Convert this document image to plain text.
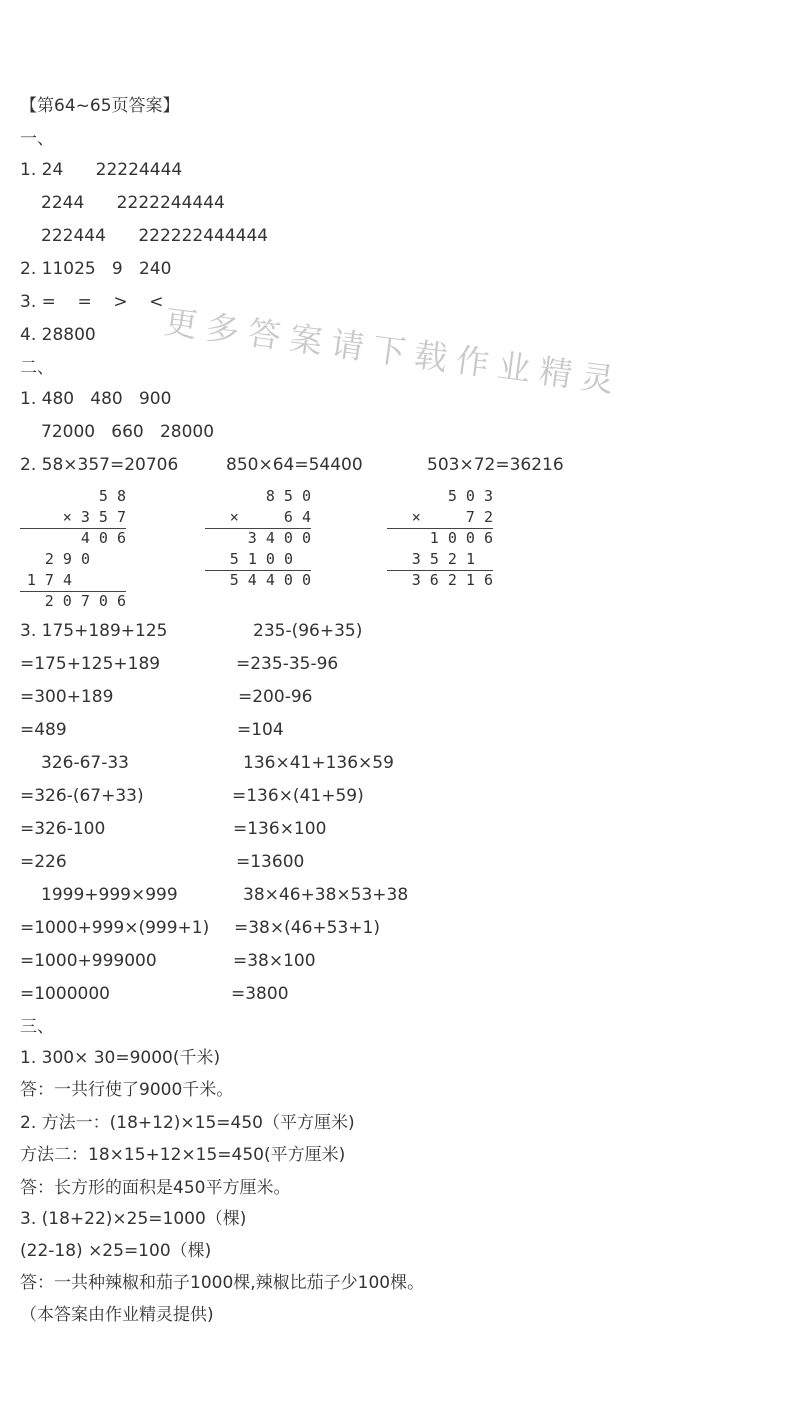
更多答案请下载作业精灵
【第64~65页答案】
一、
1. 24      22224444
2244      2222244444
222444      222222444444
2. 11025   9   240
3. =    =    >    <
4. 28800
二、
1. 480   480   900
72000   660   28000
2. 58×357=20706	850×64=54400	503×72=36216
5 8
× 3 5 7
4 0 6
2 9 0
1 7 4
2 0 7 0 6
8 5 0
×     6 4
3 4 0 0
5 1 0 0
5 4 4 0 0
5 0 3
×     7 2
1 0 0 6
3 5 2 1
3 6 2 1 6
3. 175+189+125
=175+125+189
=300+189
=489
235-(96+35)
=235-35-96
=200-96
=104
326-67-33
=326-(67+33)
=326-100
=226
136×41+136×59
=136×(41+59)
=136×100
=13600
1999+999×999
=1000+999×(999+1)
=1000+999000
=1000000
38×46+38×53+38
=38×(46+53+1)
=38×100
=3800
三、
1. 300× 30=9000(千米)
答：一共行使了9000千米。
2. 方法一：(18+12)×15=450（平方厘米)
方法二：18×15+12×15=450(平方厘米)
答：长方形的面积是450平方厘米。
3. (18+22)×25=1000（棵)
(22-18) ×25=100（棵)
答：一共种辣椒和茄子1000棵,辣椒比茄子少100棵。
（本答案由作业精灵提供)
